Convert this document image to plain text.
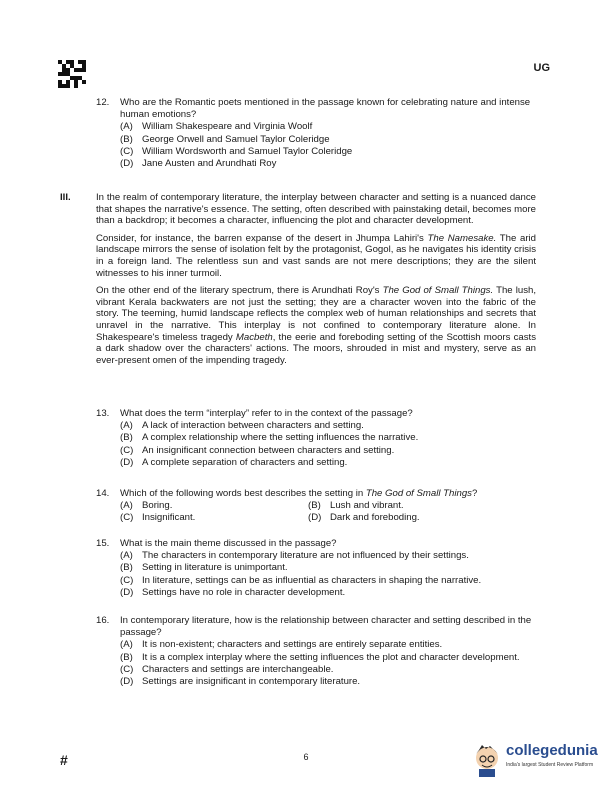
UG
12. Who are the Romantic poets mentioned in the passage known for celebrating nature and intense human emotions?
(A) William Shakespeare and Virginia Woolf
(B) George Orwell and Samuel Taylor Coleridge
(C) William Wordsworth and Samuel Taylor Coleridge
(D) Jane Austen and Arundhati Roy
III.	In the realm of contemporary literature, the interplay between character and setting is a nuanced dance that shapes the narrative's essence. The setting, often described with painstaking detail, becomes more than a backdrop; it becomes a character, influencing the plot and character development.

Consider, for instance, the barren expanse of the desert in Jhumpa Lahiri's The Namesake. The arid landscape mirrors the sense of isolation felt by the protagonist, Gogol, as he navigates his identity crisis in a foreign land. The relentless sun and vast sands are not mere descriptions; they are the silent witnesses to his inner turmoil.

On the other end of the literary spectrum, there is Arundhati Roy's The God of Small Things. The lush, vibrant Kerala backwaters are not just the setting; they are a character woven into the fabric of the story. The teeming, humid landscape reflects the complex web of human relationships and secrets that unravel in the narrative. This interplay is not confined to contemporary literature alone. In Shakespeare's timeless tragedy Macbeth, the eerie and foreboding setting of the Scottish moors casts a dark shadow over the characters' actions. The moors, shrouded in mist and mystery, serve as an ever-present omen of the impending tragedy.

13. What does the term “interplay” refer to in the context of the passage?
(A) A lack of interaction between characters and setting.
(B) A complex relationship where the setting influences the narrative.
(C) An insignificant connection between characters and setting.
(D) A complete separation of characters and setting.
14. Which of the following words best describes the setting in The God of Small Things?
(A) Boring.	(B) Lush and vibrant.
(C) Insignificant.	(D) Dark and foreboding.
15. What is the main theme discussed in the passage?
(A) The characters in contemporary literature are not influenced by their settings.
(B) Setting in literature is unimportant.
(C) In literature, settings can be as influential as characters in shaping the narrative.
(D) Settings have no role in character development.
16. In contemporary literature, how is the relationship between character and setting described in the passage?
(A) It is non-existent; characters and settings are entirely separate entities.
(B) It is a complex interplay where the setting influences the plot and character development.
(C) Characters and settings are interchangeable.
(D) Settings are insignificant in contemporary literature.
#	6	collegedunia
India's largest Student Review Platform
